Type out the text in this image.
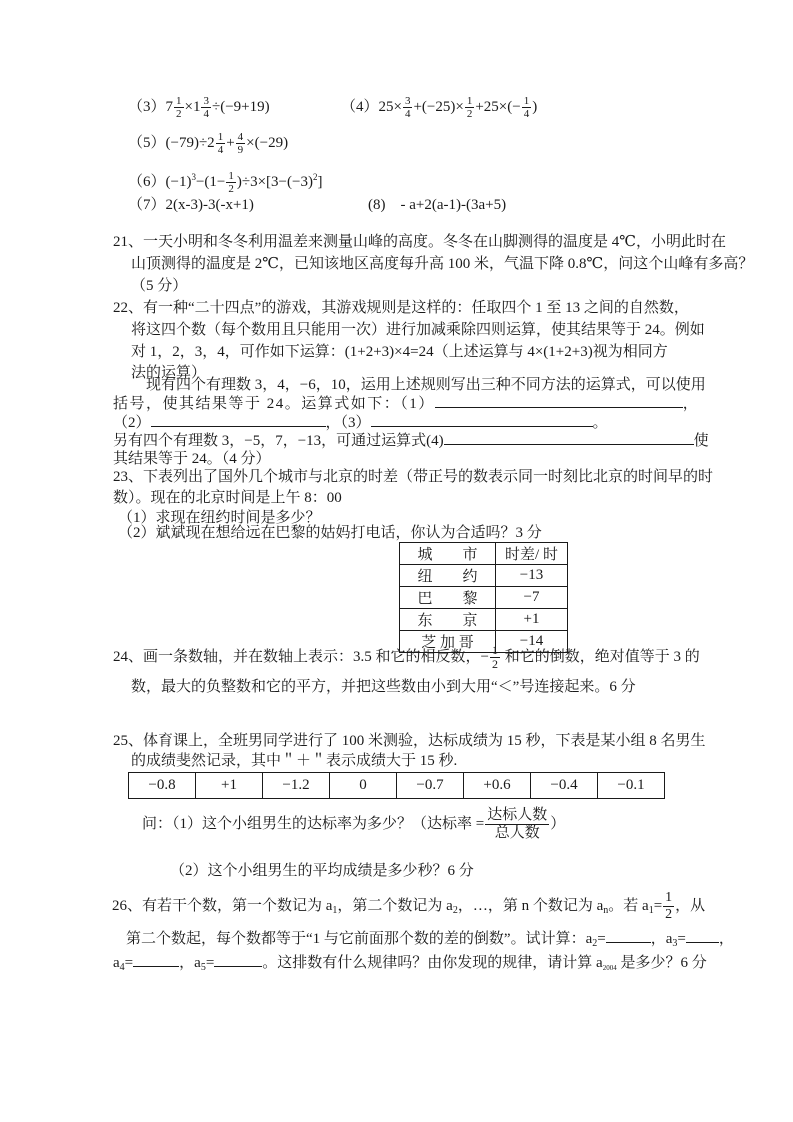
$(3)7 \frac{1}{2} \times 1 \frac{3}{4} \div(-9+19)$	$(4)25\times \frac{3}{4} +(-25)\times \frac{1}{2} +25\times(- \frac{1}{4}$ )
$(5)(-79)\div 2 \frac{1}{4} + \frac{4}{9} \times(-29)$
$(6)(-1)^3-(1- \frac{1}{2} )\div 3\times[3-(-3)^2]$
（7）2(x-3)-3(-x+1)	(8)　- a+2(a-1)-(3a+5)
21、一天小明和冬冬利用温差来测量山峰的高度。冬冬在山脚测得的温度是 4℃，小明此时在
山顶测得的温度是 2℃，已知该地区高度每升高 100 米，气温下降 0.8℃，问这个山峰有多高？
（5 分）
22、有一种“二十四点”的游戏，其游戏规则是这样的：任取四个 1 至 13 之间的自然数，
将这四个数（每个数用且只能用一次）进行加减乘除四则运算，使其结果等于 24。例如
对 1，2，3，4，可作如下运算：(1+2+3)×4=24（上述运算与 4×(1+2+3)视为相同方
法的运算）
现有四个有理数 3，4，−6，10，运用上述规则写出三种不同方法的运算式，可以使用
括号，使其结果等于 24。运算式如下：（1）	，
（2）	，（3）	。
另有四个有理数 3，−5，7，−13，可通过运算式(4)	使
其结果等于 24。（4 分）
23、下表列出了国外几个城市与北京的时差（带正号的数表示同一时刻比北京的时间早的时
数）。现在的北京时间是上午 8：00
（1）求现在纽约时间是多少？
（2）斌斌现在想给远在巴黎的姑妈打电话，你认为合适吗？3 分
24、画一条数轴，并在数轴上表示：3.5 和它的相反数，− $\frac{1}{2}$ 和它的倒数，绝对值等于 3 的
数，最大的负整数和它的平方，并把这些数由小到大用“＜”号连接起来。6 分
25、体育课上，全班男同学进行了 100 米测验，达标成绩为 15 秒，下表是某小组 8 名男生
的成绩斐然记录，其中＂＋＂表示成绩大于 15 秒.
问：（1）这个小组男生的达标率为多少？（达标率 = $\frac{\text{达标人数}}{\text{总人数}}$ ）
（2）这个小组男生的平均成绩是多少秒？6 分
26、有若干个数，第一个数记为 $a_1$，第二个数记为 $a_2$，…，第 n 个数记为 $a_n$。若 $a_1= \frac{1}{2}$ ，从
第二个数起，每个数都等于“1 与它前面那个数的差的倒数”。试计算：$a_2=$	，$a_3=$ ，
$a_4=$	，$a_5=$	。这排数有什么规律吗？由你发现的规律，请计算 $a_{2004}$ 是多少？6 分
城　　市	时差/ 时
纽　　约	−13
巴　　黎	−7
东　　京	+1
芝 加 哥	−14
−0.8	+1	−1.2	0	−0.7	+0.6	−0.4	−0.1
